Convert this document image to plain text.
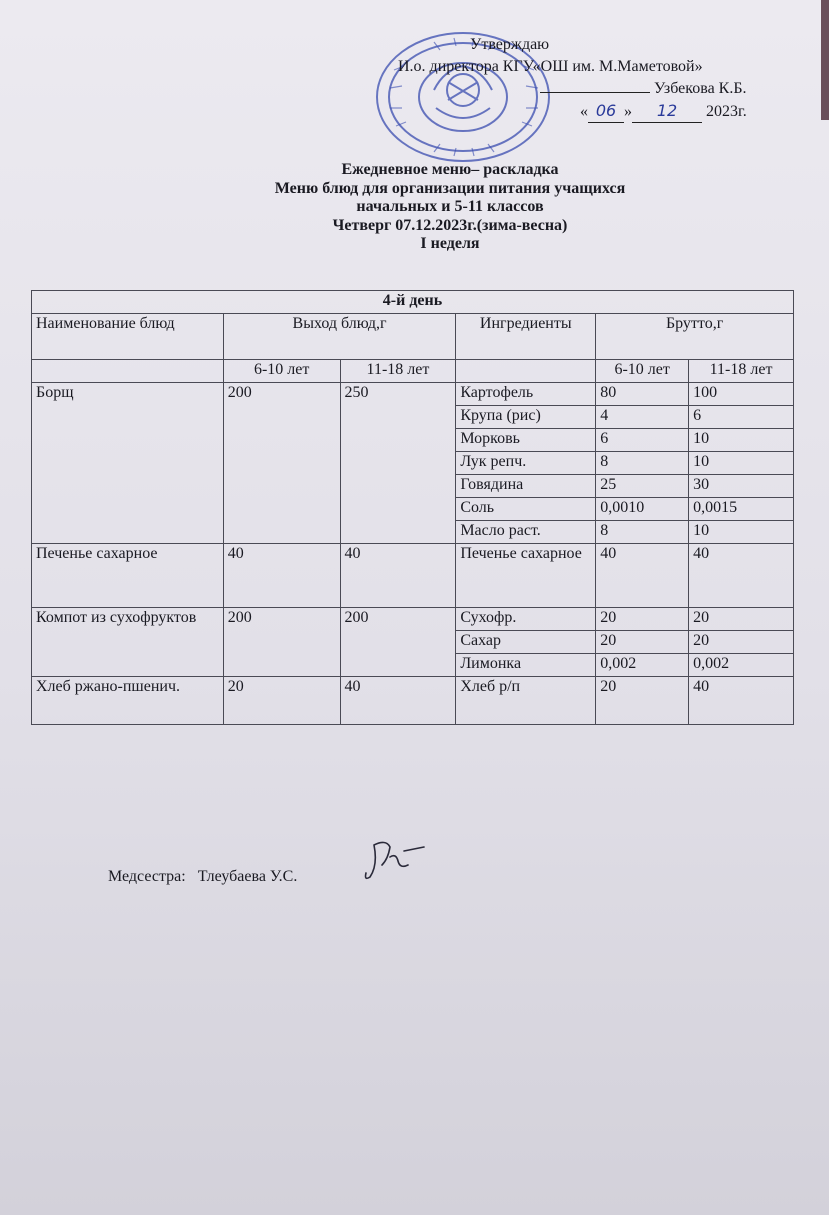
Утверждаю
И.о. директора КГУ«ОШ им. М.Маметовой»
Узбекова К.Б.
« 06 » 12 2023г.
Ежедневное меню– раскладка
Меню блюд для организации питания учащихся
начальных и 5-11 классов
Четверг 07.12.2023г.(зима-весна)
I неделя
4-й день					
Наименование блюд	Выход блюд,г		Ингредиенты	Брутто,г	
	6-10 лет	11-18 лет		6-10 лет	11-18 лет
Борщ	200	250	Картофель	80	100
			Крупа (рис)	4	6
			Морковь	6	10
			Лук репч.	8	10
			Говядина	25	30
			Соль	0,0010	0,0015
			Масло раст.	8	10
Печенье сахарное	40	40	Печенье сахарное	40	40
Компот из сухофруктов	200	200	Сухофр.	20	20
			Сахар	20	20
			Лимонка	0,002	0,002
Хлеб ржано-пшенич.	20	40	Хлеб р/п	20	40
Медсестра: Тлеубаева У.С.
